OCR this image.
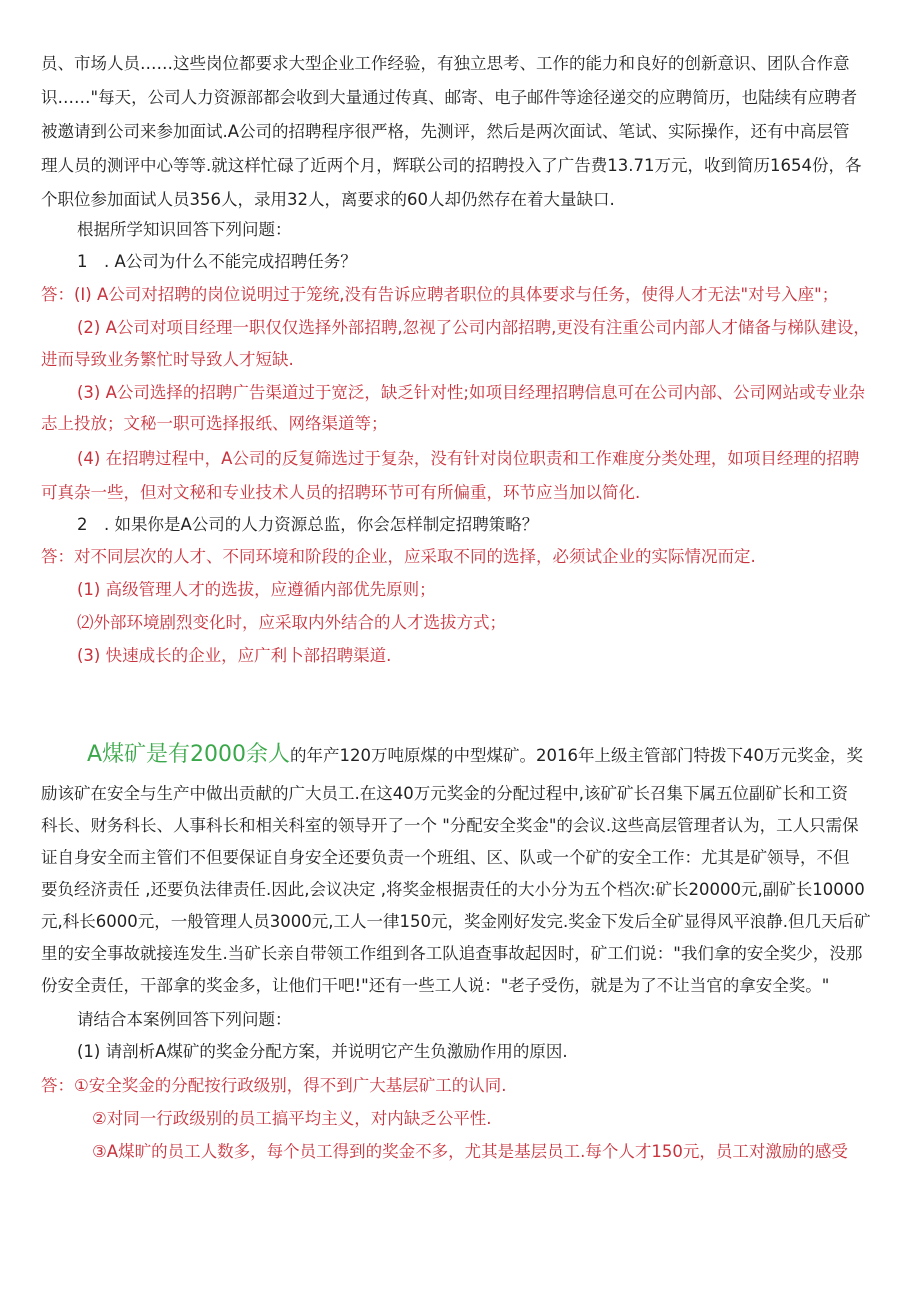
员、市场人员……这些岗位都要求大型企业工作经验，有独立思考、工作的能力和良好的创新意识、团队合作意
识……"每天，公司人力资源部都会收到大量通过传真、邮寄、电子邮件等途径递交的应聘简历，也陆续有应聘者
被邀请到公司来参加面试.A公司的招聘程序很严格，先测评，然后是两次面试、笔试、实际操作，还有中高层管
理人员的测评中心等等.就这样忙碌了近两个月，辉联公司的招聘投入了广告费13.71万元，收到简历1654份，各
个职位参加面试人员356人，录用32人，离要求的60人却仍然存在着大量缺口.
根据所学知识回答下列问题：
1　. A公司为什么不能完成招聘任务？
答：(I) A公司对招聘的岗位说明过于笼统,没有告诉应聘者职位的具体要求与任务，使得人才无法"对号入座"；
(2) A公司对项目经理一职仅仅选择外部招聘,忽视了公司内部招聘,更没有注重公司内部人才储备与梯队建设，
进而导致业务繁忙时导致人才短缺.
(3) A公司选择的招聘广告渠道过于宽泛，缺乏针对性;如项目经理招聘信息可在公司内部、公司网站或专业杂
志上投放；文秘一职可选择报纸、网络渠道等；
(4) 在招聘过程中，A公司的反复筛选过于复杂，没有针对岗位职责和工作难度分类处理，如项目经理的招聘
可真杂一些，但对文秘和专业技术人员的招聘环节可有所偏重，环节应当加以简化.
2　. 如果你是A公司的人力资源总监，你会怎样制定招聘策略？
答：对不同层次的人才、不同环境和阶段的企业，应采取不同的选择，必须试企业的实际情况而定.
(1) 高级管理人才的选拔，应遵循内部优先原则；
⑵外部环境剧烈变化时，应采取内外结合的人才选拔方式；
(3) 快速成长的企业，应广利卜部招聘渠道.
A煤矿是有2000余人的年产120万吨原煤的中型煤矿。2016年上级主管部门特拨下40万元奖金，奖
励该矿在安全与生产中做出贡献的广大员工.在这40万元奖金的分配过程中,该矿矿长召集下属五位副矿长和工资
科长、财务科长、人事科长和相关科室的领导开了一个 "分配安全奖金"的会议.这些高层管理者认为，工人只需保
证自身安全而主管们不但要保证自身安全还要负责一个班组、区、队或一个矿的安全工作：尤其是矿领导，不但
要负经济责任 ,还要负法律责任.因此,会议决定 ,将奖金根据责任的大小分为五个档次:矿长20000元,副矿长10000
元,科长6000元，一般管理人员3000元,工人一律150元，奖金刚好发完.奖金下发后全矿显得风平浪静.但几天后矿
里的安全事故就接连发生.当矿长亲自带领工作组到各工队追查事故起因时，矿工们说："我们拿的安全奖少，没那
份安全责任，干部拿的奖金多，让他们干吧!"还有一些工人说："老子受伤，就是为了不让当官的拿安全奖。"
请结合本案例回答下列问题：
(1) 请剖析A煤矿的奖金分配方案，并说明它产生负激励作用的原因.
答：①安全奖金的分配按行政级别，得不到广大基层矿工的认同.
②对同一行政级别的员工搞平均主义，对内缺乏公平性.
③A煤旷的员工人数多，每个员工得到的奖金不多，尤其是基层员工.每个人才150元，员工对激励的感受
